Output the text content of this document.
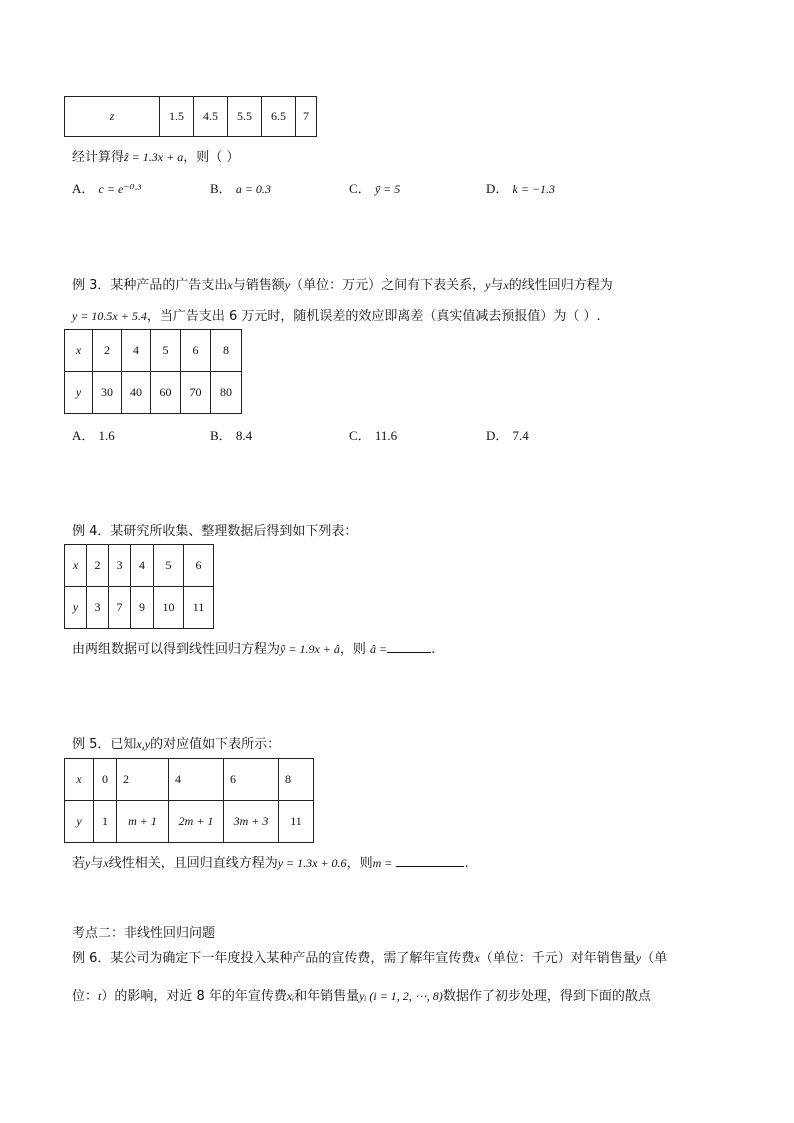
z	1.5	4.5	5.5	6.5	7
经计算得ẑ = 1.3x + a，则（ ）
A． c = e⁻⁰·³	B． a = 0.3	C． ȳ = 5	D． k = −1.3
例 3．某种产品的广告支出x与销售额y（单位：万元）之间有下表关系，y与x的线性回归方程为
y = 10.5x + 5.4，当广告支出 6 万元时，随机误差的效应即离差（真实值减去预报值）为（ ）.
x	2	4	5	6	8
y	30	40	60	70	80
A． 1.6	B． 8.4	C． 11.6	D． 7.4
例 4．某研究所收集、整理数据后得到如下列表：
x	2	3	4	5	6
y	3	7	9	10	11
由两组数据可以得到线性回归方程为ŷ = 1.9x + â，则 â =	.
例 5．已知x,y的对应值如下表所示：
x	0	2	4	6	8
y	1	m + 1	2m + 1	3m + 3	11
若y与x线性相关，且回归直线方程为y = 1.3x + 0.6，则m =	.
考点二：非线性回归问题
例 6．某公司为确定下一年度投入某种产品的宣传费，需了解年宣传费x（单位：千元）对年销售量y（单
位：t）的影响，对近 8 年的年宣传费xᵢ和年销售量yᵢ (i = 1, 2, ⋯, 8)数据作了初步处理，得到下面的散点
